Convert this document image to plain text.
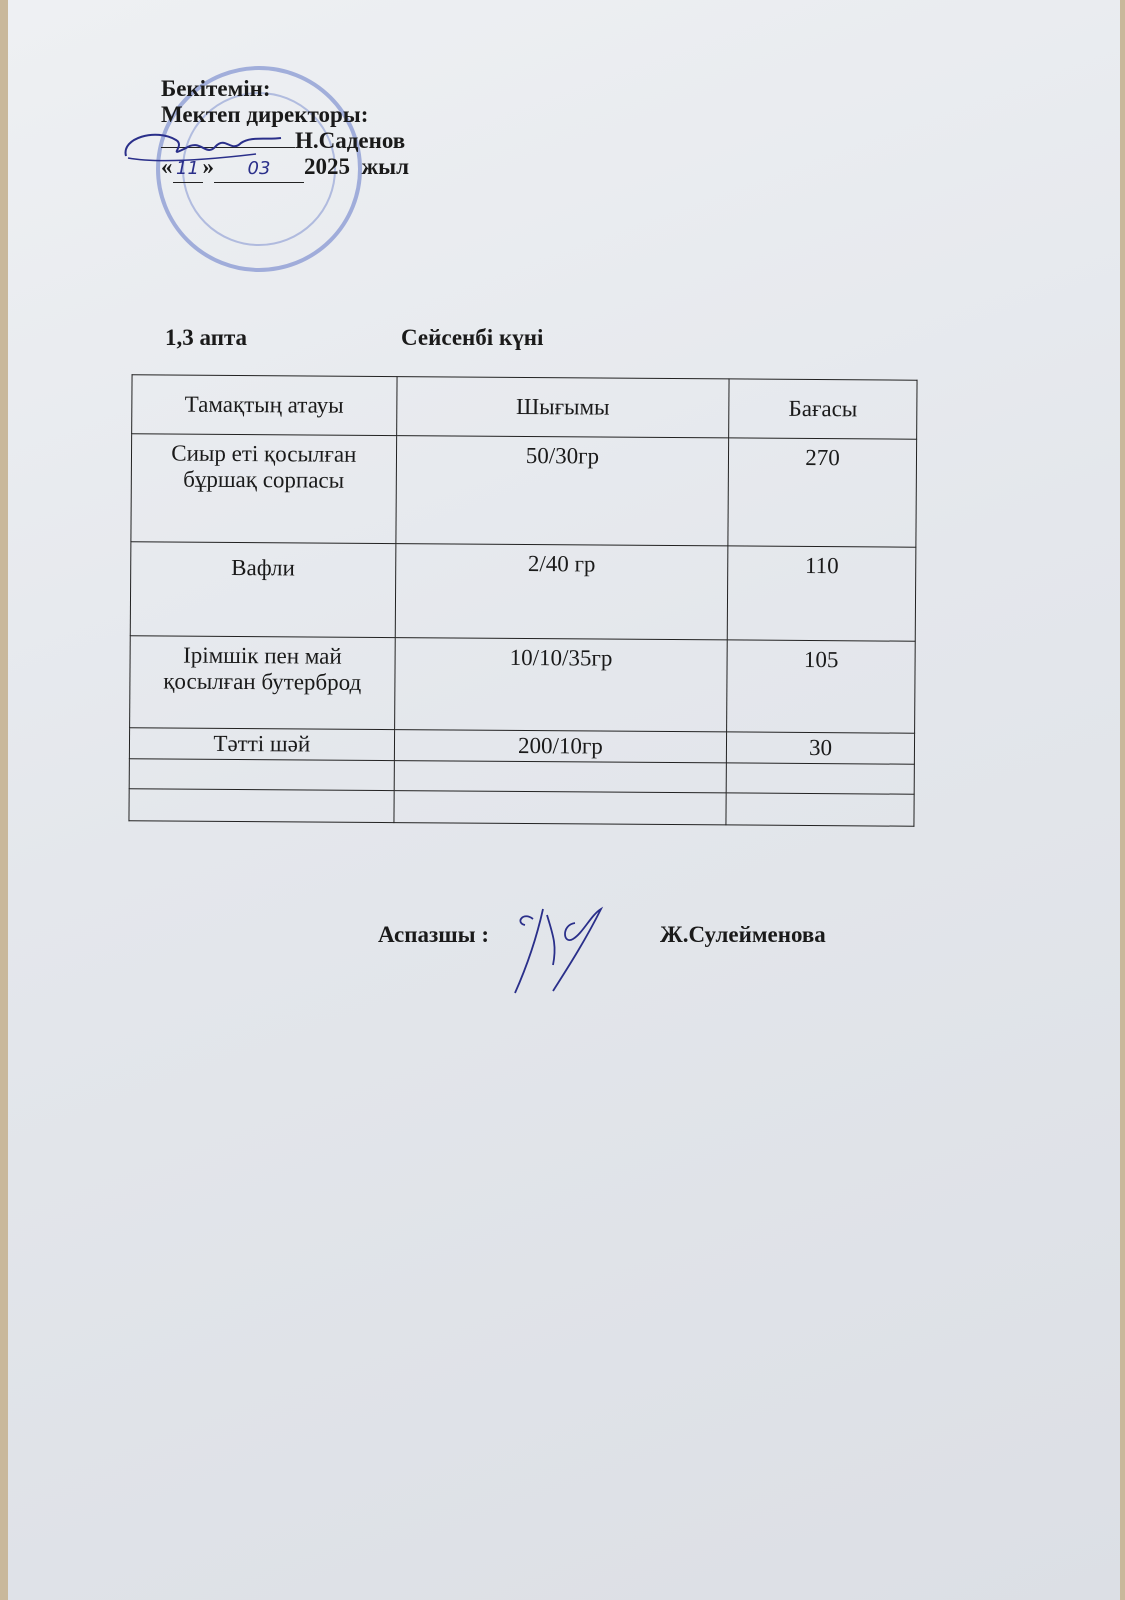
Бекітемін:
Мектеп директоры:
Н.Саденов
« 11 » 03 2025 жыл
1,3 апта	Сейсенбі күні
Тамақтың атауы	Шығымы	Бағасы
Сиыр еті қосылған бұршақ сорпасы	50/30гр	270
Вафли	2/40 гр	110
Ірімшік пен май қосылған бутерброд	10/10/35гр	105
Тәтті шәй	200/10гр	30

Аспазшы :	Ж.Сулейменова
